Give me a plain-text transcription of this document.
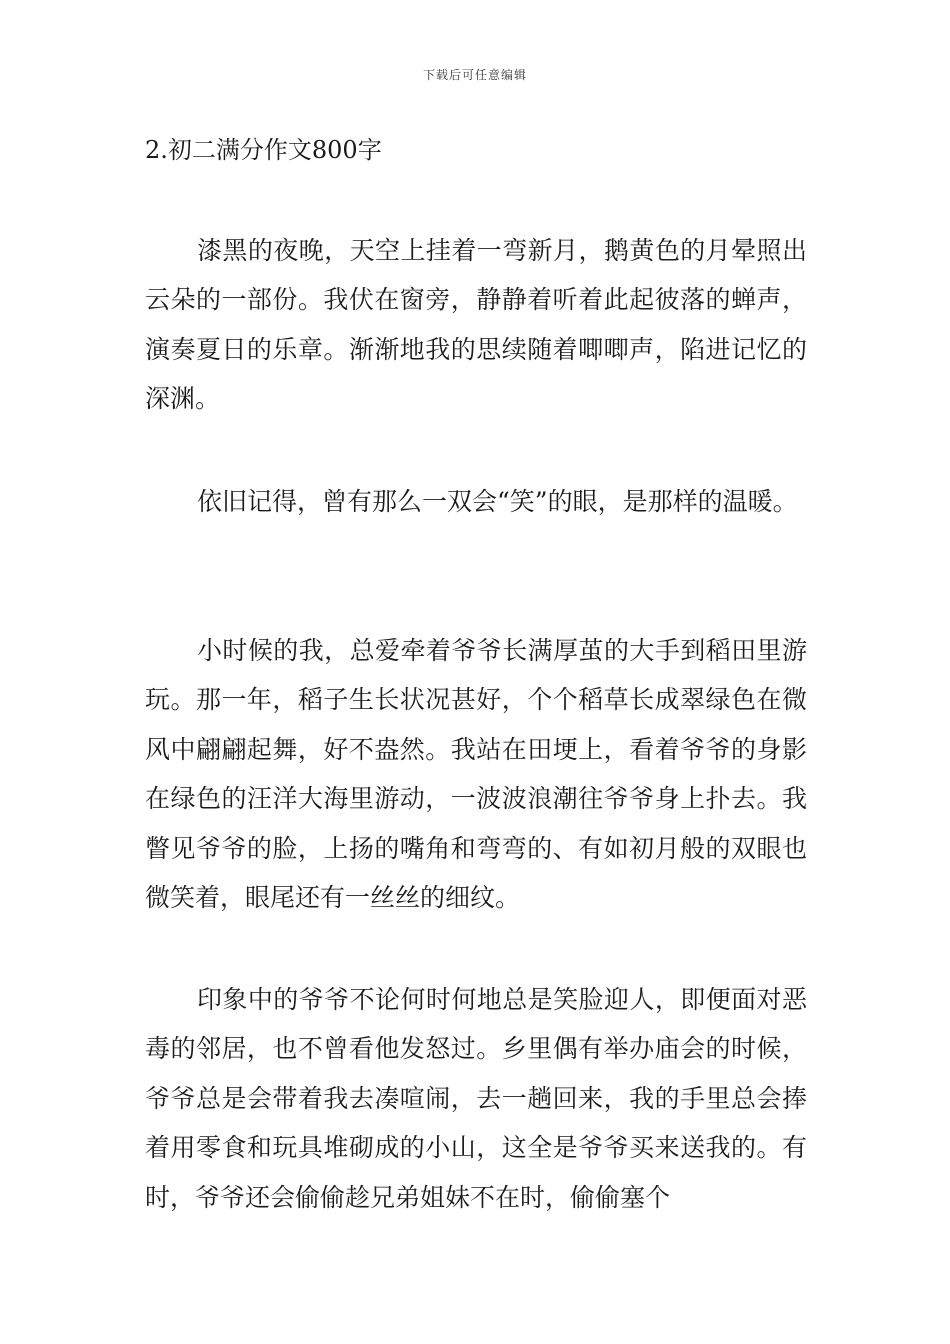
下载后可任意编辑
2.初二满分作文800字

漆黑的夜晚，天空上挂着一弯新月，鹅黄色的月晕照出云朵的一部份。我伏在窗旁，静静着听着此起彼落的蝉声，演奏夏日的乐章。渐渐地我的思续随着唧唧声，陷进记忆的深渊。

依旧记得，曾有那么一双会“笑”的眼，是那样的温暖。

小时候的我，总爱牵着爷爷长满厚茧的大手到稻田里游玩。那一年，稻子生长状况甚好，个个稻草长成翠绿色在微风中翩翩起舞，好不盎然。我站在田埂上，看着爷爷的身影在绿色的汪洋大海里游动，一波波浪潮往爷爷身上扑去。我瞥见爷爷的脸，上扬的嘴角和弯弯的、有如初月般的双眼也微笑着，眼尾还有一丝丝的细纹。

印象中的爷爷不论何时何地总是笑脸迎人，即便面对恶毒的邻居，也不曾看他发怒过。乡里偶有举办庙会的时候，爷爷总是会带着我去凑喧闹，去一趟回来，我的手里总会捧着用零食和玩具堆砌成的小山，这全是爷爷买来送我的。有时，爷爷还会偷偷趁兄弟姐妹不在时，偷偷塞个
